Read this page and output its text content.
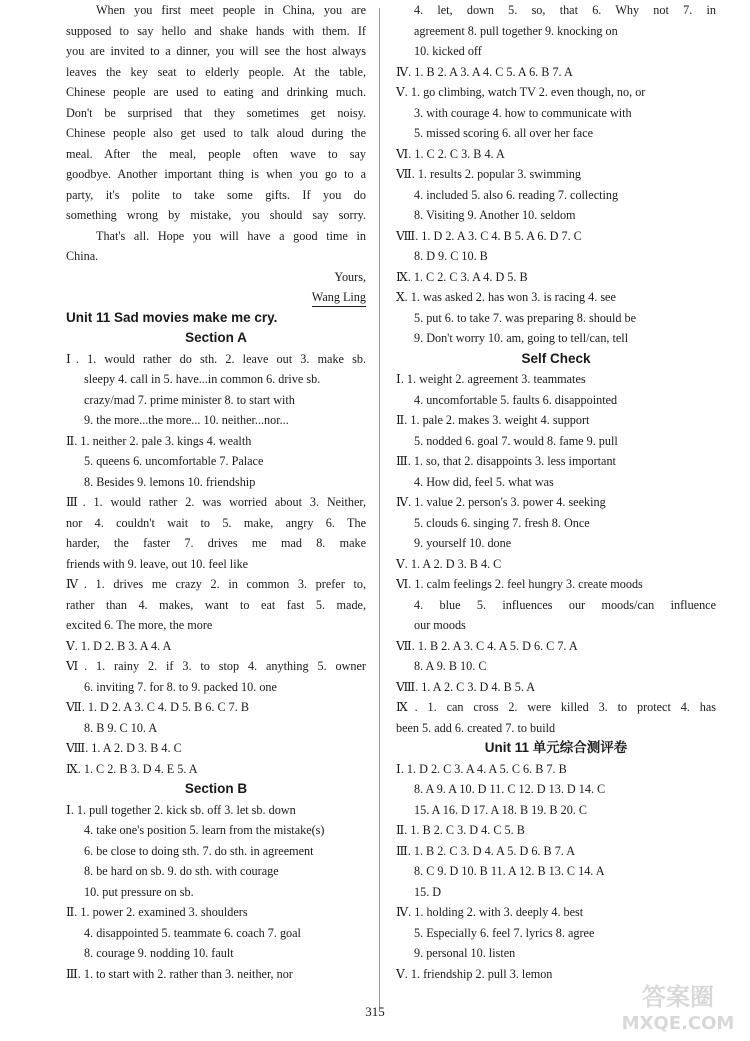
When you first meet people in China, you are
supposed to say hello and shake hands with them. If
you are invited to a dinner, you will see the host always
leaves the key seat to elderly people. At the table,
Chinese people are used to eating and drinking much.
Don't be surprised that they sometimes get noisy.
Chinese people also get used to talk aloud during the
meal. After the meal, people often wave to say
goodbye. Another important thing is when you go to a
party, it's polite to take some gifts. If you do
something wrong by mistake, you should say sorry.
That's all. Hope you will have a good time in
China.
Yours,
Wang Ling
Unit 11 Sad movies make me cry.
Section A
Ⅰ. 1. would rather do sth. 2. leave out 3. make sb.
sleepy 4. call in 5. have...in common 6. drive sb.
crazy/mad 7. prime minister 8. to start with
9. the more...the more... 10. neither...nor...
Ⅱ. 1. neither 2. pale 3. kings 4. wealth
5. queens 6. uncomfortable 7. Palace
8. Besides 9. lemons 10. friendship
Ⅲ. 1. would rather 2. was worried about 3. Neither,
nor 4. couldn't wait to 5. make, angry 6. The
harder, the faster 7. drives me mad 8. make
friends with 9. leave, out 10. feel like
Ⅳ. 1. drives me crazy 2. in common 3. prefer to,
rather than 4. makes, want to eat fast 5. made,
excited 6. The more, the more
Ⅴ. 1. D 2. B 3. A 4. A
Ⅵ. 1. rainy 2. if 3. to stop 4. anything 5. owner
6. inviting 7. for 8. to 9. packed 10. one
Ⅶ. 1. D 2. A 3. C 4. D 5. B 6. C 7. B
8. B 9. C 10. A
Ⅷ. 1. A 2. D 3. B 4. C
Ⅸ. 1. C 2. B 3. D 4. E 5. A
Section B
Ⅰ. 1. pull together 2. kick sb. off 3. let sb. down
4. take one's position 5. learn from the mistake(s)
6. be close to doing sth. 7. do sth. in agreement
8. be hard on sb. 9. do sth. with courage
10. put pressure on sb.
Ⅱ. 1. power 2. examined 3. shoulders
4. disappointed 5. teammate 6. coach 7. goal
8. courage 9. nodding 10. fault
Ⅲ. 1. to start with 2. rather than 3. neither, nor
4. let, down 5. so, that 6. Why not 7. in
agreement 8. pull together 9. knocking on
10. kicked off
Ⅳ. 1. B 2. A 3. A 4. C 5. A 6. B 7. A
Ⅴ. 1. go climbing, watch TV 2. even though, no, or
3. with courage 4. how to communicate with
5. missed scoring 6. all over her face
Ⅵ. 1. C 2. C 3. B 4. A
Ⅶ. 1. results 2. popular 3. swimming
4. included 5. also 6. reading 7. collecting
8. Visiting 9. Another 10. seldom
Ⅷ. 1. D 2. A 3. C 4. B 5. A 6. D 7. C
8. D 9. C 10. B
Ⅸ. 1. C 2. C 3. A 4. D 5. B
Ⅹ. 1. was asked 2. has won 3. is racing 4. see
5. put 6. to take 7. was preparing 8. should be
9. Don't worry 10. am, going to tell/can, tell
Self Check
Ⅰ. 1. weight 2. agreement 3. teammates
4. uncomfortable 5. faults 6. disappointed
Ⅱ. 1. pale 2. makes 3. weight 4. support
5. nodded 6. goal 7. would 8. fame 9. pull
Ⅲ. 1. so, that 2. disappoints 3. less important
4. How did, feel 5. what was
Ⅳ. 1. value 2. person's 3. power 4. seeking
5. clouds 6. singing 7. fresh 8. Once
9. yourself 10. done
Ⅴ. 1. A 2. D 3. B 4. C
Ⅵ. 1. calm feelings 2. feel hungry 3. create moods
4. blue 5. influences our moods/can influence
our moods
Ⅶ. 1. B 2. A 3. C 4. A 5. D 6. C 7. A
8. A 9. B 10. C
Ⅷ. 1. A 2. C 3. D 4. B 5. A
Ⅸ. 1. can cross 2. were killed 3. to protect 4. has
been 5. add 6. created 7. to build
Unit 11 单元综合测评卷
Ⅰ. 1. D 2. C 3. A 4. A 5. C 6. B 7. B
8. A 9. A 10. D 11. C 12. D 13. D 14. C
15. A 16. D 17. A 18. B 19. B 20. C
Ⅱ. 1. B 2. C 3. D 4. C 5. B
Ⅲ. 1. B 2. C 3. D 4. A 5. D 6. B 7. A
8. C 9. D 10. B 11. A 12. B 13. C 14. A
15. D
Ⅳ. 1. holding 2. with 3. deeply 4. best
5. Especially 6. feel 7. lyrics 8. agree
9. personal 10. listen
Ⅴ. 1. friendship 2. pull 3. lemon
315
答案圈
MXQE.COM
